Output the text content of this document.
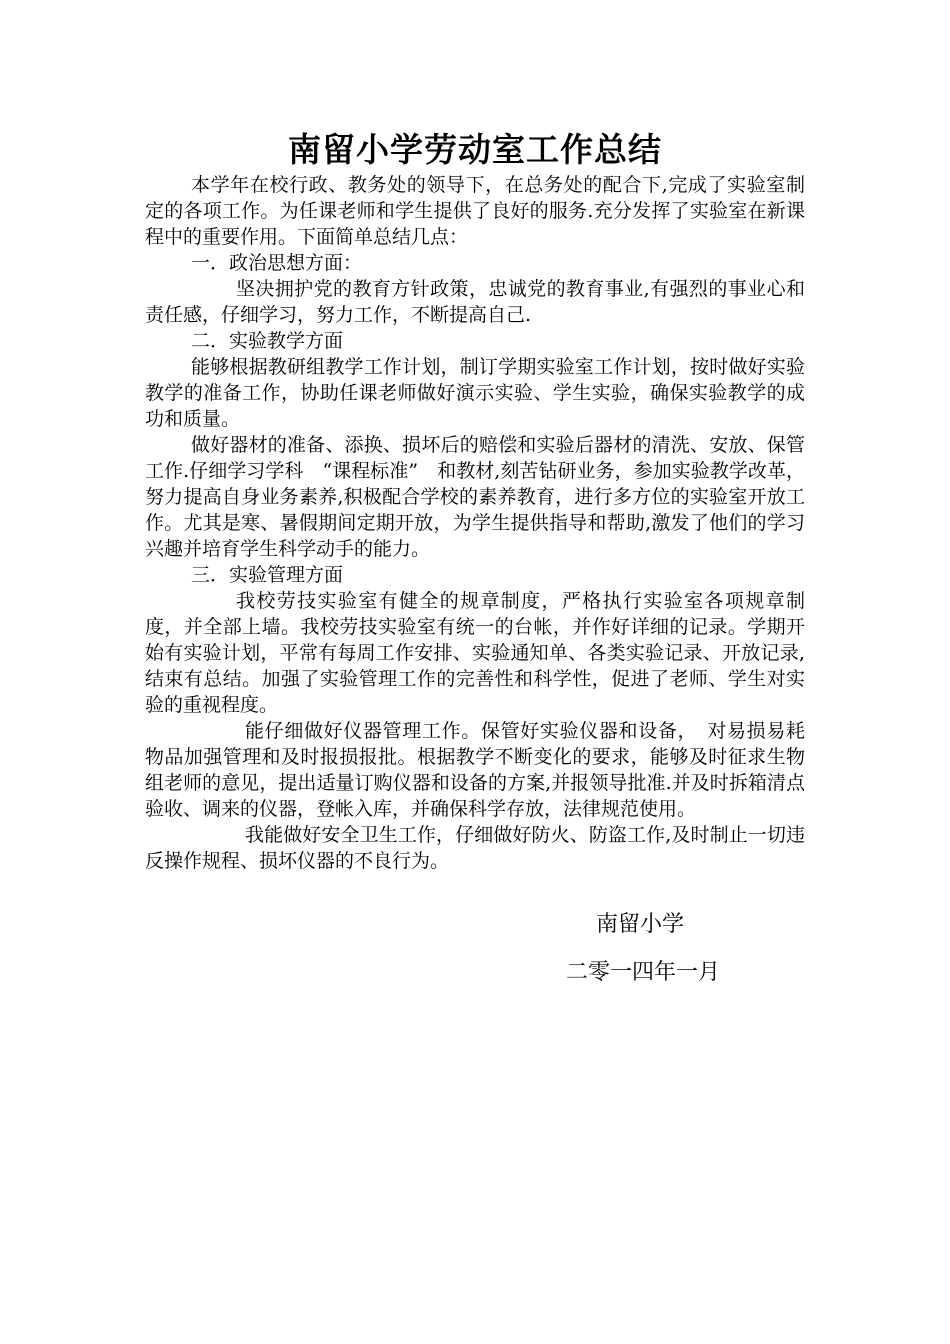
南留小学劳动室工作总结

本学年在校行政、教务处的领导下，在总务处的配合下,完成了实验室制定的各项工作。为任课老师和学生提供了良好的服务.充分发挥了实验室在新课程中的重要作用。下面简单总结几点：

一．政治思想方面：

坚决拥护党的教育方针政策，忠诚党的教育事业,有强烈的事业心和责任感，仔细学习，努力工作，不断提高自己.

二．实验教学方面

能够根据教研组教学工作计划，制订学期实验室工作计划，按时做好实验教学的准备工作，协助任课老师做好演示实验、学生实验，确保实验教学的成功和质量。

做好器材的准备、添换、损坏后的赔偿和实验后器材的清洗、安放、保管工作.仔细学习学科　“课程标准”　和教材,刻苦钻研业务，参加实验教学改革，努力提高自身业务素养,积极配合学校的素养教育，进行多方位的实验室开放工作。尤其是寒、暑假期间定期开放，为学生提供指导和帮助,激发了他们的学习兴趣并培育学生科学动手的能力。

三．实验管理方面

我校劳技实验室有健全的规章制度，严格执行实验室各项规章制度，并全部上墙。我校劳技实验室有统一的台帐，并作好详细的记录。学期开始有实验计划，平常有每周工作安排、实验通知单、各类实验记录、开放记录,结束有总结。加强了实验管理工作的完善性和科学性，促进了老师、学生对实验的重视程度。

能仔细做好仪器管理工作。保管好实验仪器和设备，　对易损易耗物品加强管理和及时报损报批。根据教学不断变化的要求，能够及时征求生物组老师的意见，提出适量订购仪器和设备的方案,并报领导批准.并及时拆箱清点验收、调来的仪器，登帐入库，并确保科学存放，法律规范使用。

我能做好安全卫生工作，仔细做好防火、防盗工作,及时制止一切违反操作规程、损坏仪器的不良行为。

南留小学
二零一四年一月
